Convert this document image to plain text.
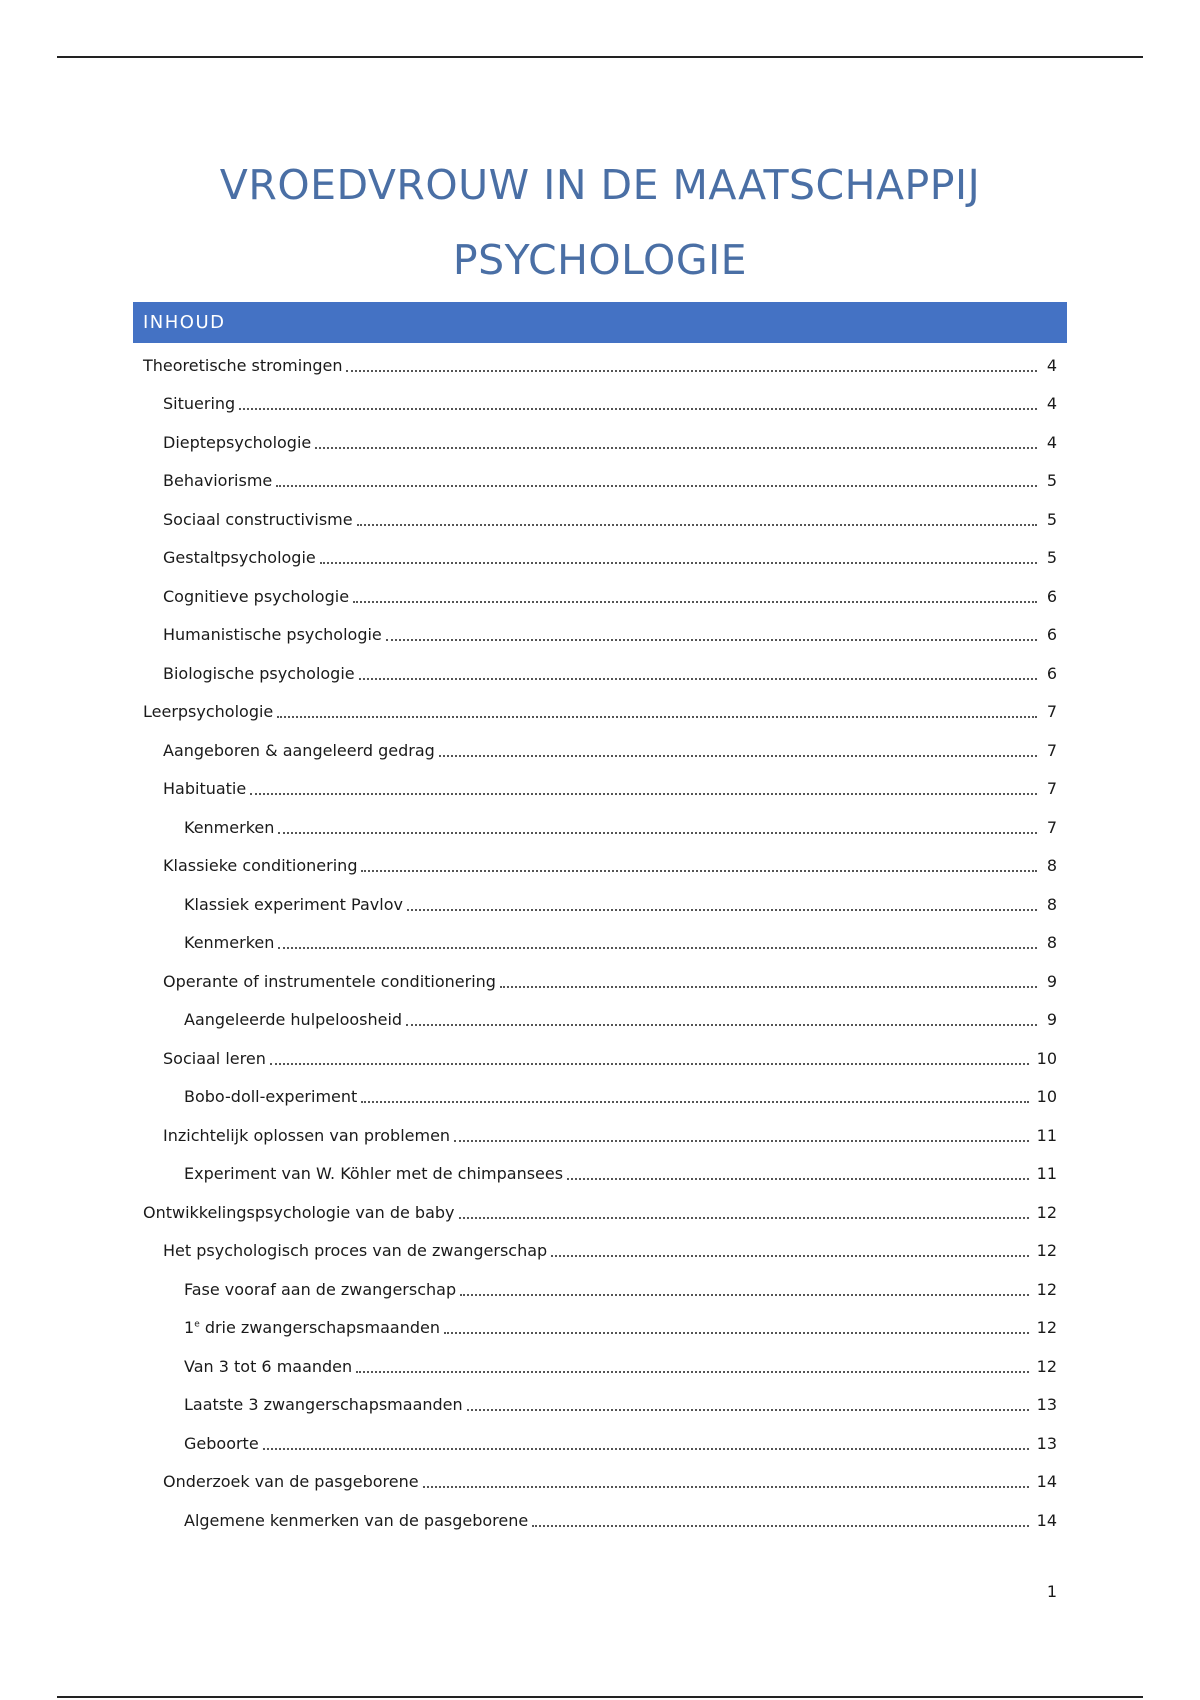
VROEDVROUW IN DE MAATSCHAPPIJ
PSYCHOLOGIE
INHOUD
Theoretische stromingen	4
Situering	4
Dieptepsychologie	4
Behaviorisme	5
Sociaal constructivisme	5
Gestaltpsychologie	5
Cognitieve psychologie	6
Humanistische psychologie	6
Biologische psychologie	6
Leerpsychologie	7
Aangeboren & aangeleerd gedrag	7
Habituatie	7
Kenmerken	7
Klassieke conditionering	8
Klassiek experiment Pavlov	8
Kenmerken	8
Operante of instrumentele conditionering	9
Aangeleerde hulpeloosheid	9
Sociaal leren	10
Bobo-doll-experiment	10
Inzichtelijk oplossen van problemen	11
Experiment van W. Köhler met de chimpansees	11
Ontwikkelingspsychologie van de baby	12
Het psychologisch proces van de zwangerschap	12
Fase vooraf aan de zwangerschap	12
1e drie zwangerschapsmaanden	12
Van 3 tot 6 maanden	12
Laatste 3 zwangerschapsmaanden	13
Geboorte	13
Onderzoek van de pasgeborene	14
Algemene kenmerken van de pasgeborene	14
1
